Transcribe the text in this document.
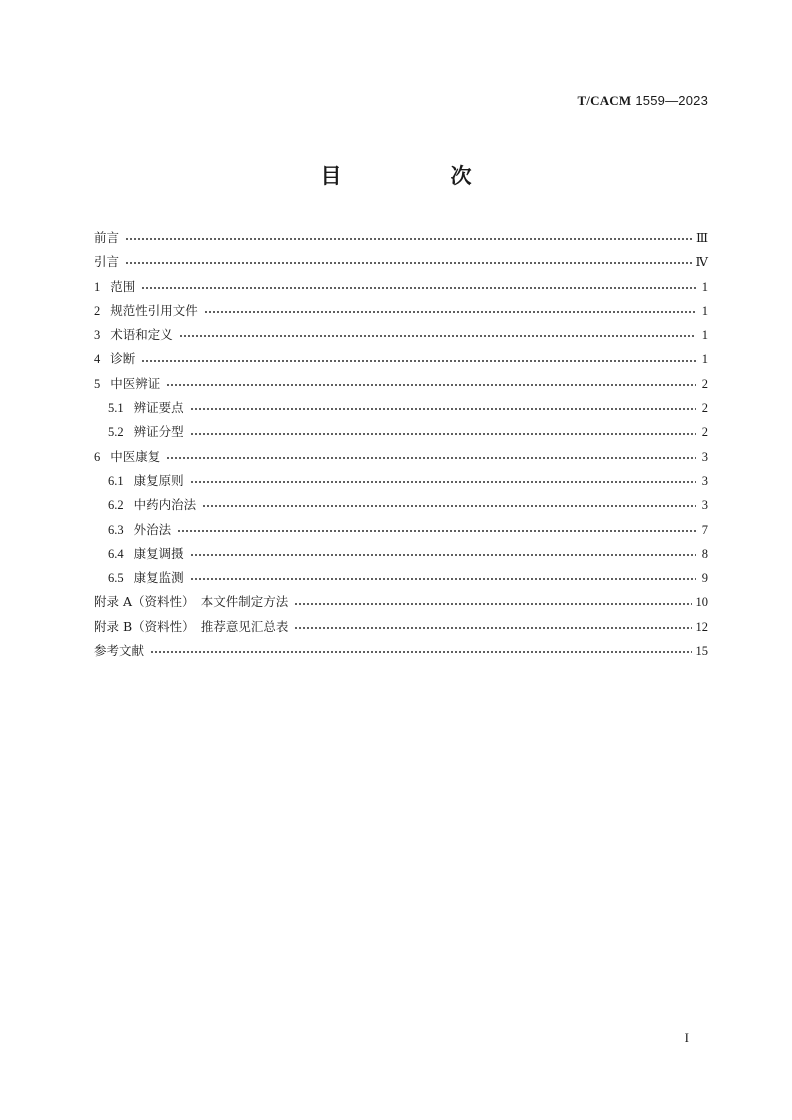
T/CACM 1559—2023
目　次
前言	Ⅲ
引言	Ⅳ
1 范围	1
2 规范性引用文件	1
3 术语和定义	1
4 诊断	1
5 中医辨证	2
5.1 辨证要点	2
5.2 辨证分型	2
6 中医康复	3
6.1 康复原则	3
6.2 中药内治法	3
6.3 外治法	7
6.4 康复调摄	8
6.5 康复监测	9
附录 A（资料性）　本文件制定方法	10
附录 B（资料性）　推荐意见汇总表	12
参考文献	15
I
